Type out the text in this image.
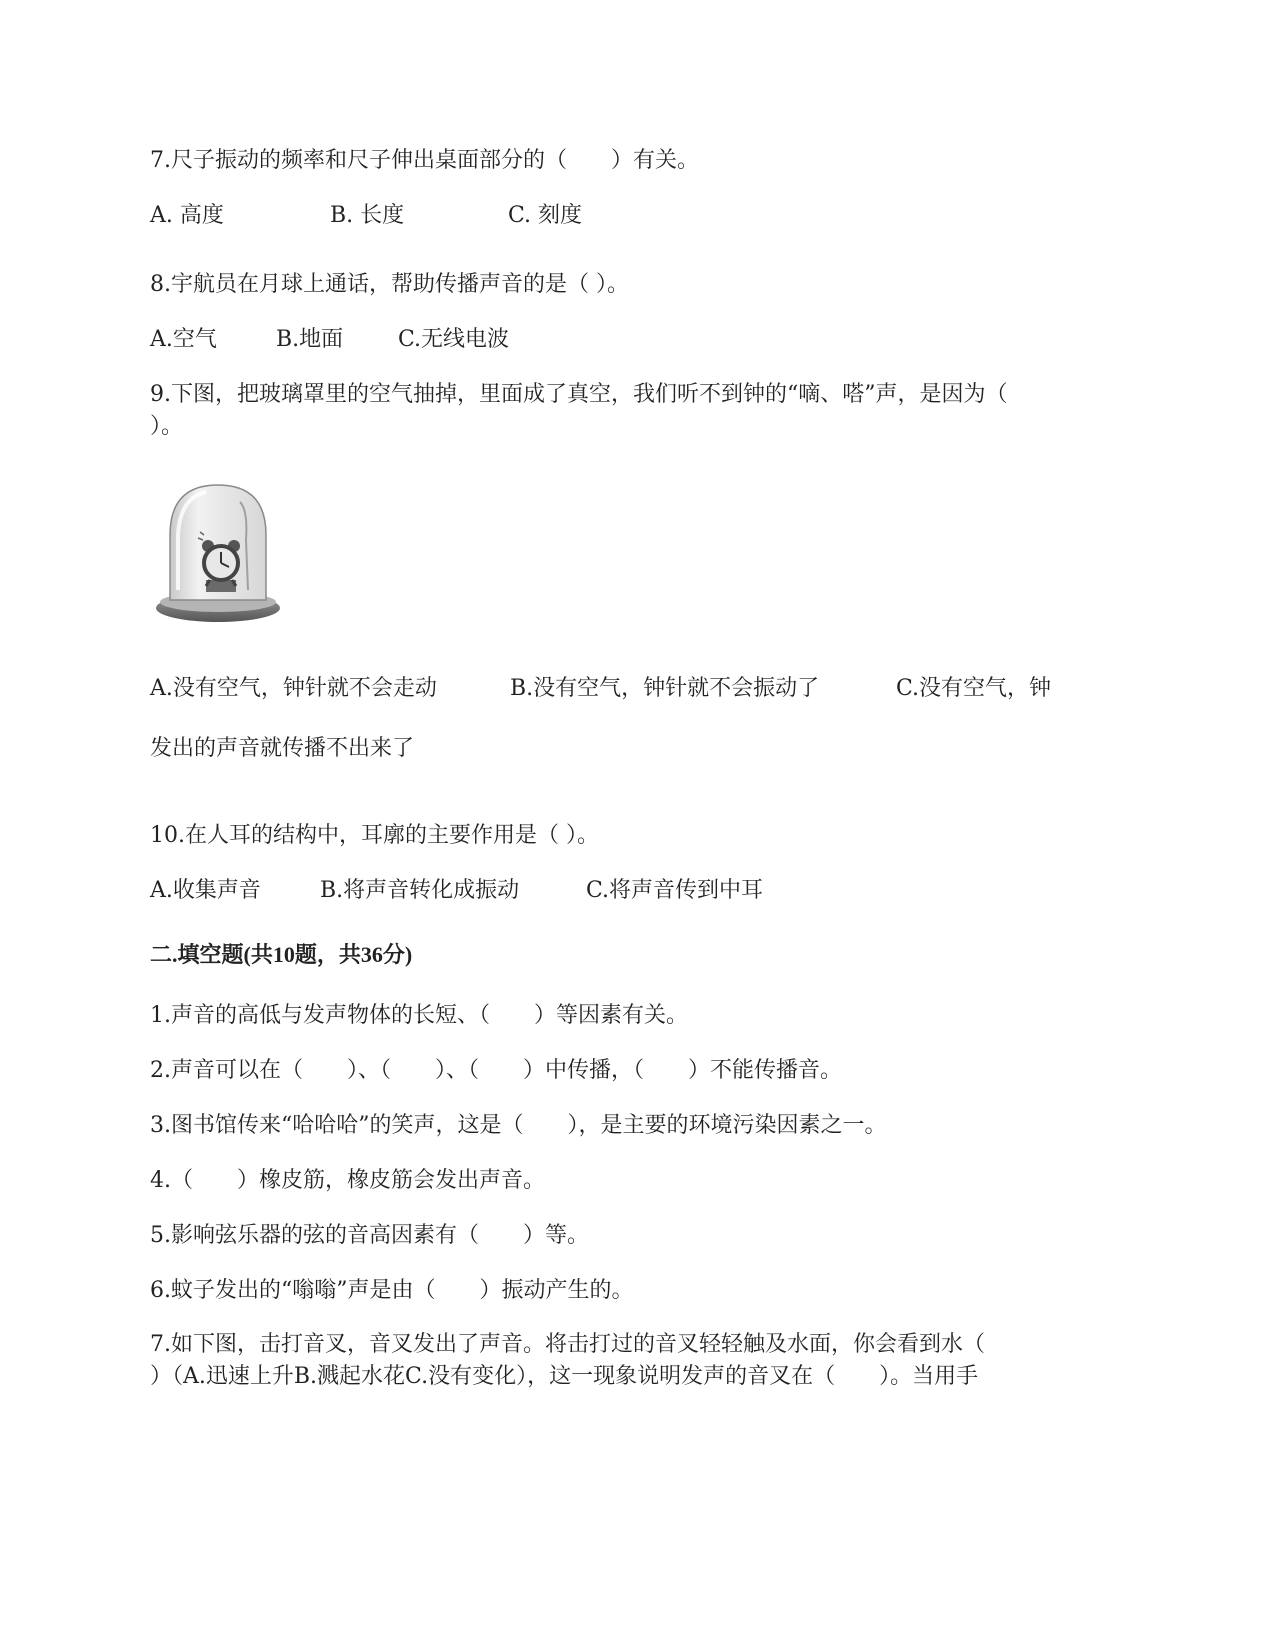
7.尺子振动的频率和尺子伸出桌面部分的（　　）有关。

A. 高度	B. 长度	C. 刻度

8.宇航员在月球上通话，帮助传播声音的是（ ）。

A.空气	B.地面 C.无线电波

9.下图，把玻璃罩里的空气抽掉，里面成了真空，我们听不到钟的“嘀、嗒”声，是因为（

）。

A.没有空气，钟针就不会走动	B.没有空气，钟针就不会振动了	C.没有空气，钟

发出的声音就传播不出来了

10.在人耳的结构中，耳廓的主要作用是（ ）。

A.收集声音	B.将声音转化成振动	C.将声音传到中耳

二.填空题(共10题，共36分)

1.声音的高低与发声物体的长短、（　　）等因素有关。

2.声音可以在（　　）、（　　）、（　　）中传播，（　　）不能传播音。

3.图书馆传来“哈哈哈”的笑声，这是（　　），是主要的环境污染因素之一。

4.（　　）橡皮筋，橡皮筋会发出声音。

5.影响弦乐器的弦的音高因素有（　　）等。

6.蚊子发出的“嗡嗡”声是由（　　）振动产生的。

7.如下图，击打音叉，音叉发出了声音。将击打过的音叉轻轻触及水面，你会看到水（

）（A.迅速上升B.溅起水花C.没有变化），这一现象说明发声的音叉在（　　）。当用手
